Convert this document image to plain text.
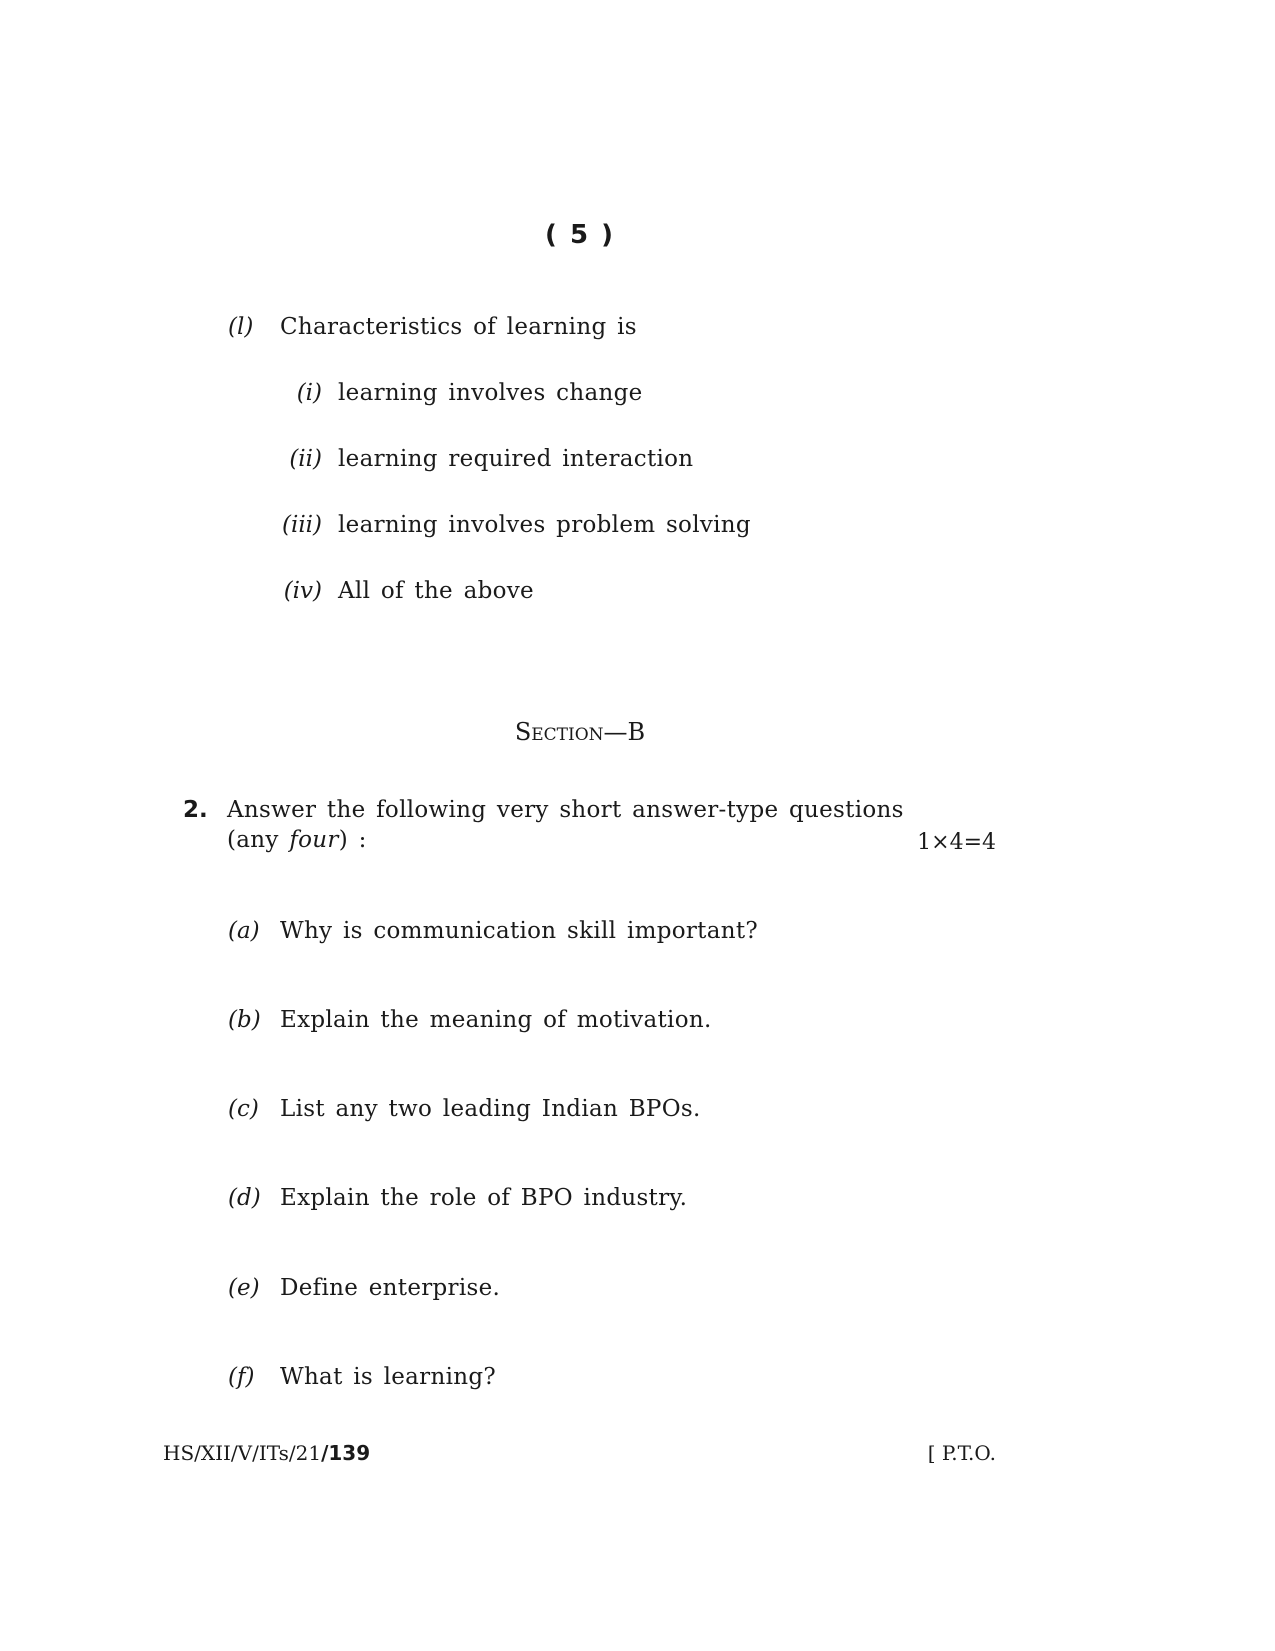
( 5 )
(l) Characteristics of learning is
(i) learning involves change
(ii) learning required interaction
(iii) learning involves problem solving
(iv) All of the above
Section—B
2. Answer the following very short answer-type questions
(any four) :	1×4=4
(a) Why is communication skill important?
(b) Explain the meaning of motivation.
(c) List any two leading Indian BPOs.
(d) Explain the role of BPO industry.
(e) Define enterprise.
(f) What is learning?
HS/XII/V/ITs/21/139	[ P.T.O.
